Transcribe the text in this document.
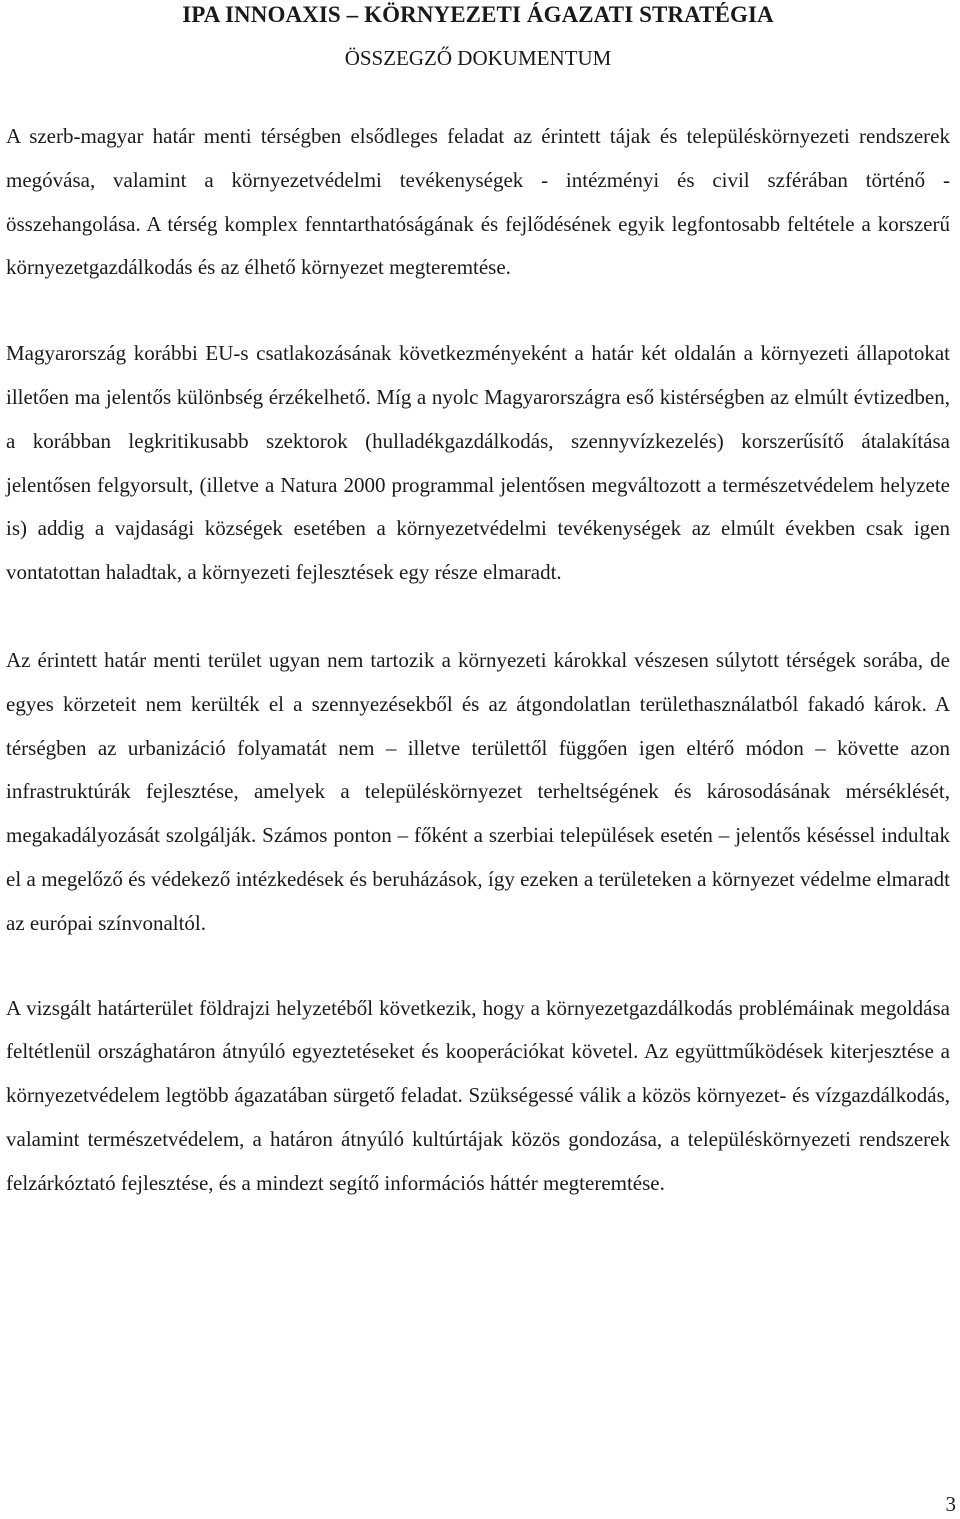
IPA INNOAXIS – KÖRNYEZETI ÁGAZATI STRATÉGIA
ÖSSZEGZŐ DOKUMENTUM

A szerb-magyar határ menti térségben elsődleges feladat az érintett tájak és településkörnyezeti rendszerek megóvása, valamint a környezetvédelmi tevékenységek - intézményi és civil szférában történő - összehangolása. A térség komplex fenntarthatóságának és fejlődésének egyik legfontosabb feltétele a korszerű környezetgazdálkodás és az élhető környezet megteremtése.

Magyarország korábbi EU-s csatlakozásának következményeként a határ két oldalán a környezeti állapotokat illetően ma jelentős különbség érzékelhető. Míg a nyolc Magyarországra eső kistérségben az elmúlt évtizedben, a korábban legkritikusabb szektorok (hulladékgazdálkodás, szennyvízkezelés) korszerűsítő átalakítása jelentősen felgyorsult, (illetve a Natura 2000 programmal jelentősen megváltozott a természetvédelem helyzete is) addig a vajdasági községek esetében a környezetvédelmi tevékenységek az elmúlt években csak igen vontatottan haladtak, a környezeti fejlesztések egy része elmaradt.

Az érintett határ menti terület ugyan nem tartozik a környezeti károkkal vészesen súlytott térségek sorába, de egyes körzeteit nem kerülték el a szennyezésekből és az átgondolatlan területhasználatból fakadó károk. A térségben az urbanizáció folyamatát nem – illetve területtől függően igen eltérő módon – követte azon infrastruktúrák fejlesztése, amelyek a településkörnyezet terheltségének és károsodásának mérséklését, megakadályozását szolgálják. Számos ponton – főként a szerbiai települések esetén – jelentős késéssel indultak el a megelőző és védekező intézkedések és beruházások, így ezeken a területeken a környezet védelme elmaradt az európai színvonaltól.

A vizsgált határterület földrajzi helyzetéből következik, hogy a környezetgazdálkodás problémáinak megoldása feltétlenül országhatáron átnyúló egyeztetéseket és kooperációkat követel. Az együttműködések kiterjesztése a környezetvédelem legtöbb ágazatában sürgető feladat. Szükségessé válik a közös környezet- és vízgazdálkodás, valamint természetvédelem, a határon átnyúló kultúrtájak közös gondozása, a településkörnyezeti rendszerek felzárkóztató fejlesztése, és a mindezt segítő információs háttér megteremtése.

3
